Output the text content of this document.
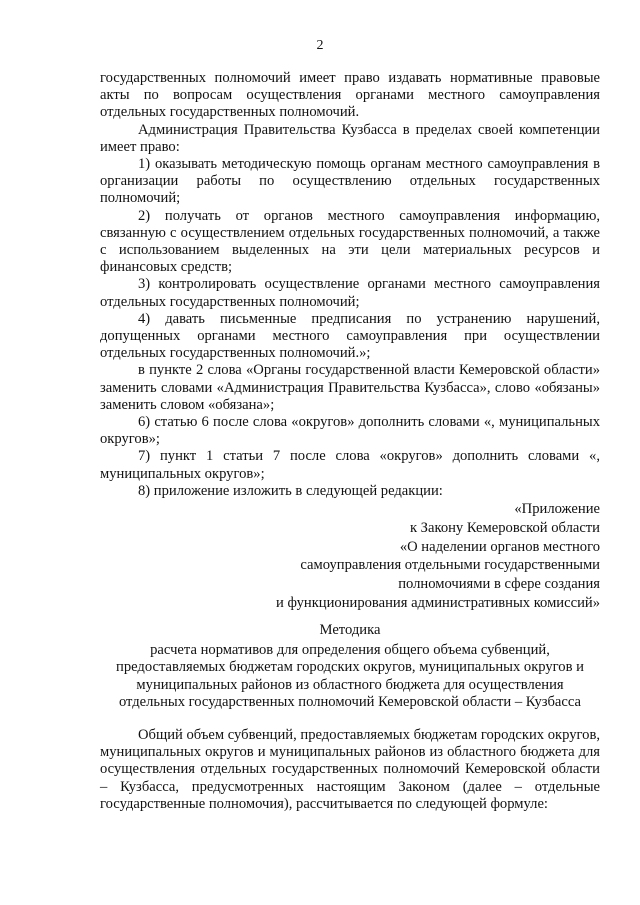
2

государственных полномочий имеет право издавать нормативные правовые акты по вопросам осуществления органами местного самоуправления отдельных государственных полномочий.

Администрация Правительства Кузбасса в пределах своей компетенции имеет право:

1) оказывать методическую помощь органам местного самоуправления в организации работы по осуществлению отдельных государственных полномочий;

2) получать от органов местного самоуправления информацию, связанную с осуществлением отдельных государственных полномочий, а также с использованием выделенных на эти цели материальных ресурсов и финансовых средств;

3) контролировать осуществление органами местного самоуправления отдельных государственных полномочий;

4) давать письменные предписания по устранению нарушений, допущенных органами местного самоуправления при осуществлении отдельных государственных полномочий.»;

в пункте 2 слова «Органы государственной власти Кемеровской области» заменить словами «Администрация Правительства Кузбасса», слово «обязаны» заменить словом «обязана»;

6) статью 6 после слова «округов» дополнить словами «, муниципальных округов»;

7) пункт 1 статьи 7 после слова «округов» дополнить словами «, муниципальных округов»;

8) приложение изложить в следующей редакции:

«Приложение
к Закону Кемеровской области
«О наделении органов местного
самоуправления отдельными государственными
полномочиями в сфере создания
и функционирования административных комиссий»
Методика
расчета нормативов для определения общего объема субвенций,
предоставляемых бюджетам городских округов, муниципальных округов и
муниципальных районов из областного бюджета для осуществления
отдельных государственных полномочий Кемеровской области – Кузбасса

Общий объем субвенций, предоставляемых бюджетам городских округов, муниципальных округов и муниципальных районов из областного бюджета для осуществления отдельных государственных полномочий Кемеровской области – Кузбасса, предусмотренных настоящим Законом (далее – отдельные государственные полномочия), рассчитывается по следующей формуле:
